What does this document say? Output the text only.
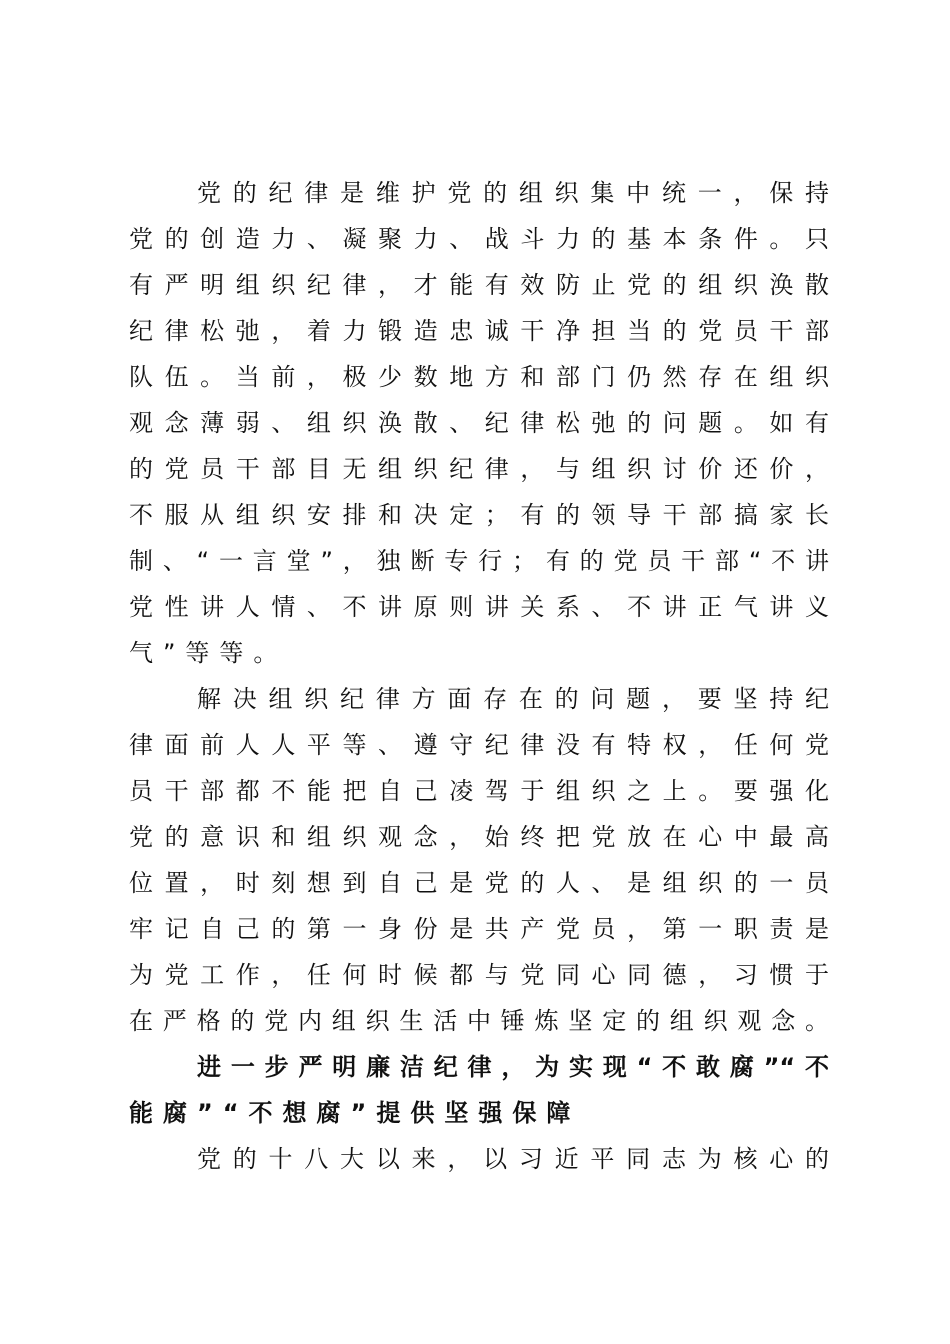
党的纪律是维护党的组织集中统一，保持
党的创造力、凝聚力、战斗力的基本条件。只
有严明组织纪律，才能有效防止党的组织涣散
纪律松弛，着力锻造忠诚干净担当的党员干部
队伍。当前，极少数地方和部门仍然存在组织
观念薄弱、组织涣散、纪律松弛的问题。如有
的党员干部目无组织纪律，与组织讨价还价，
不服从组织安排和决定；有的领导干部搞家长
制、“一言堂”，独断专行；有的党员干部“不讲
党性讲人情、不讲原则讲关系、不讲正气讲义
气”等等。
解决组织纪律方面存在的问题，要坚持纪
律面前人人平等、遵守纪律没有特权，任何党
员干部都不能把自己凌驾于组织之上。要强化
党的意识和组织观念，始终把党放在心中最高
位置，时刻想到自己是党的人、是组织的一员
牢记自己的第一身份是共产党员，第一职责是
为党工作，任何时候都与党同心同德，习惯于
在严格的党内组织生活中锤炼坚定的组织观念。
进一步严明廉洁纪律，为实现“不敢腐”“不
能腐”“不想腐”提供坚强保障
党的十八大以来，以习近平同志为核心的
